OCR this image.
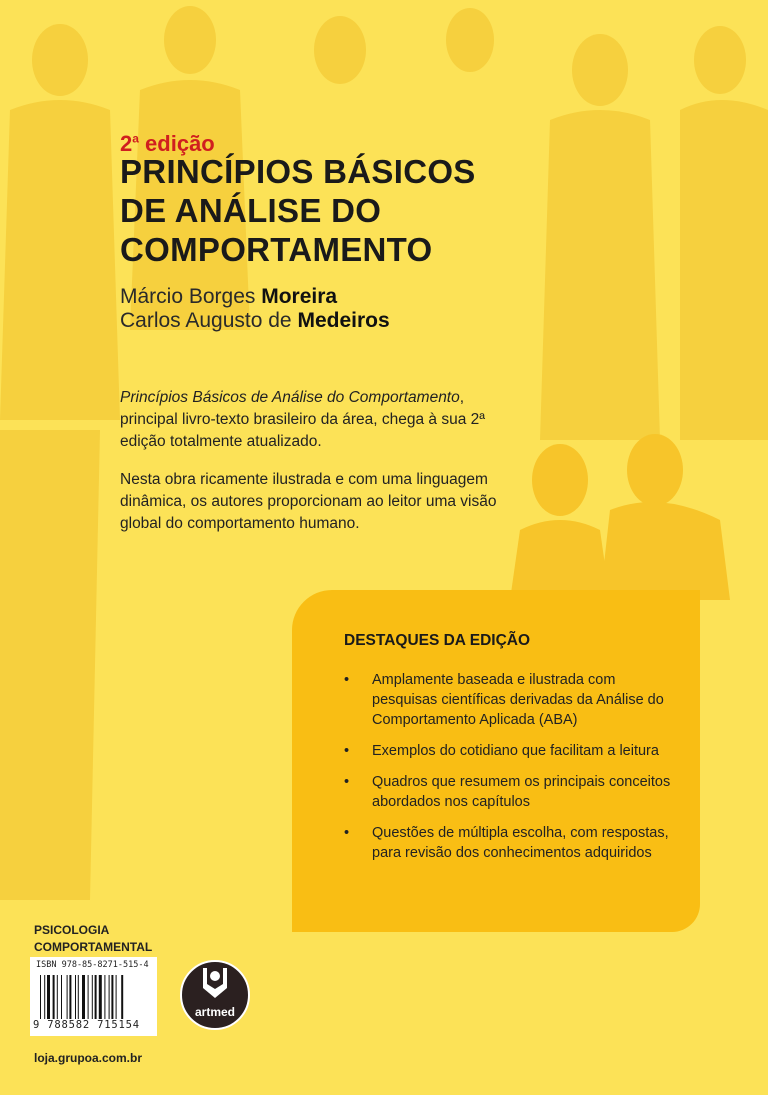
2$^a$ edição
PRINCÍPIOS BÁSICOS
DE ANÁLISE DO
COMPORTAMENTO
Márcio Borges Moreira
Carlos Augusto de Medeiros

Princípios Básicos de Análise do Comportamento, principal livro-texto brasileiro da área, chega à sua 2ª edição totalmente atualizado.

Nesta obra ricamente ilustrada e com uma linguagem dinâmica, os autores proporcionam ao leitor uma visão global do comportamento humano.

DESTAQUES DA EDIÇÃO
• Amplamente baseada e ilustrada com pesquisas científicas derivadas da Análise do Comportamento Aplicada (ABA)
• Exemplos do cotidiano que facilitam a leitura
• Quadros que resumem os principais conceitos abordados nos capítulos
• Questões de múltipla escolha, com respostas, para revisão dos conhecimentos adquiridos
PSICOLOGIA
COMPORTAMENTAL
ISBN 978-85-8271-515-4
9 788582 715154
artmed
loja.grupoa.com.br
